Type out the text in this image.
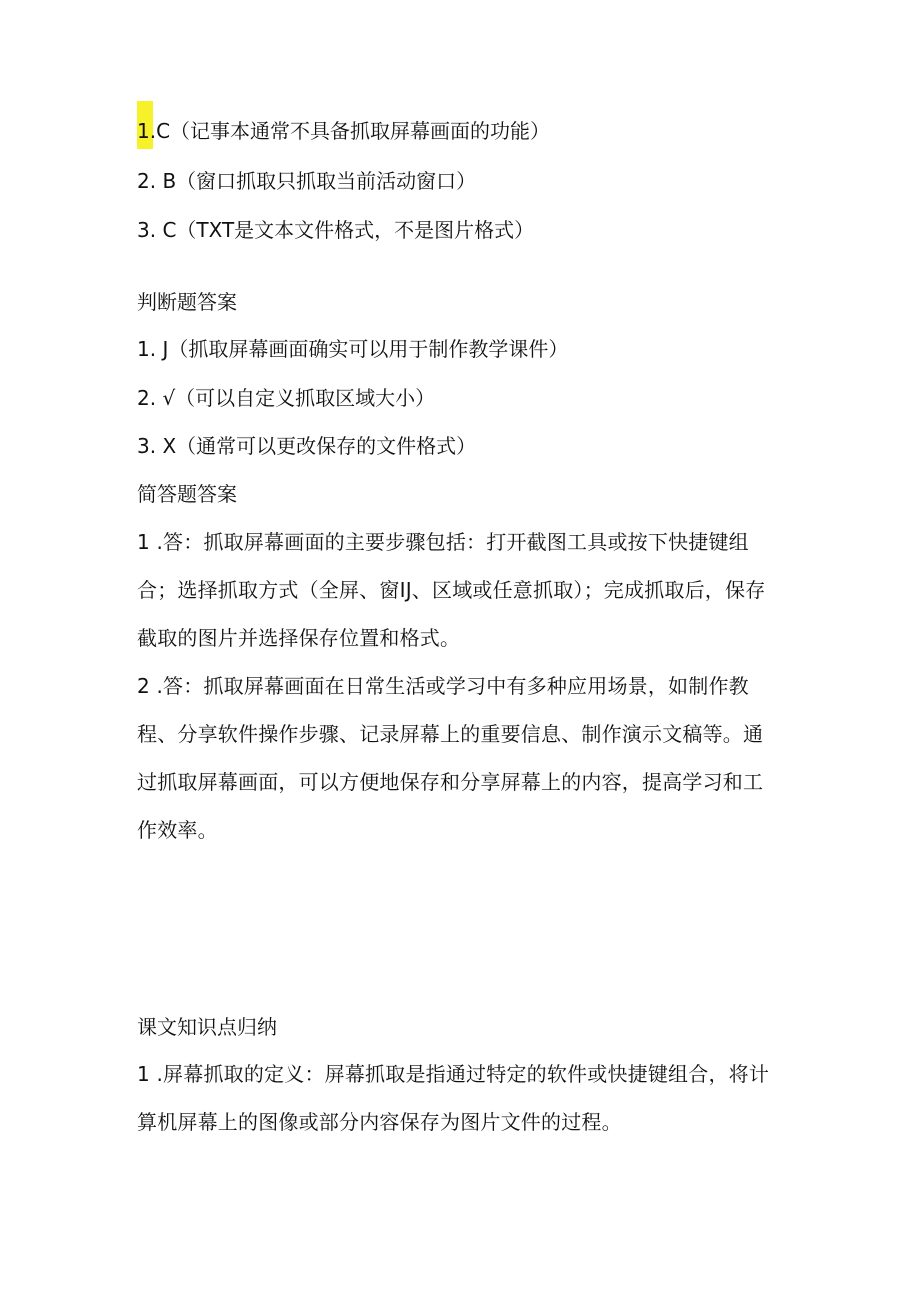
1.C（记事本通常不具备抓取屏幕画面的功能）
2. B（窗口抓取只抓取当前活动窗口）
3. C（TXT是文本文件格式，不是图片格式）
判断题答案
1. J（抓取屏幕画面确实可以用于制作教学课件）
2. √（可以自定义抓取区域大小）
3. X（通常可以更改保存的文件格式）
简答题答案
1 .答：抓取屏幕画面的主要步骤包括：打开截图工具或按下快捷键组合；选择抓取方式（全屏、窗IJ、区域或任意抓取）；完成抓取后，保存截取的图片并选择保存位置和格式。
2 .答：抓取屏幕画面在日常生活或学习中有多种应用场景，如制作教程、分享软件操作步骤、记录屏幕上的重要信息、制作演示文稿等。通过抓取屏幕画面，可以方便地保存和分享屏幕上的内容，提高学习和工作效率。
课文知识点归纳
1 .屏幕抓取的定义：屏幕抓取是指通过特定的软件或快捷键组合，将计算机屏幕上的图像或部分内容保存为图片文件的过程。
